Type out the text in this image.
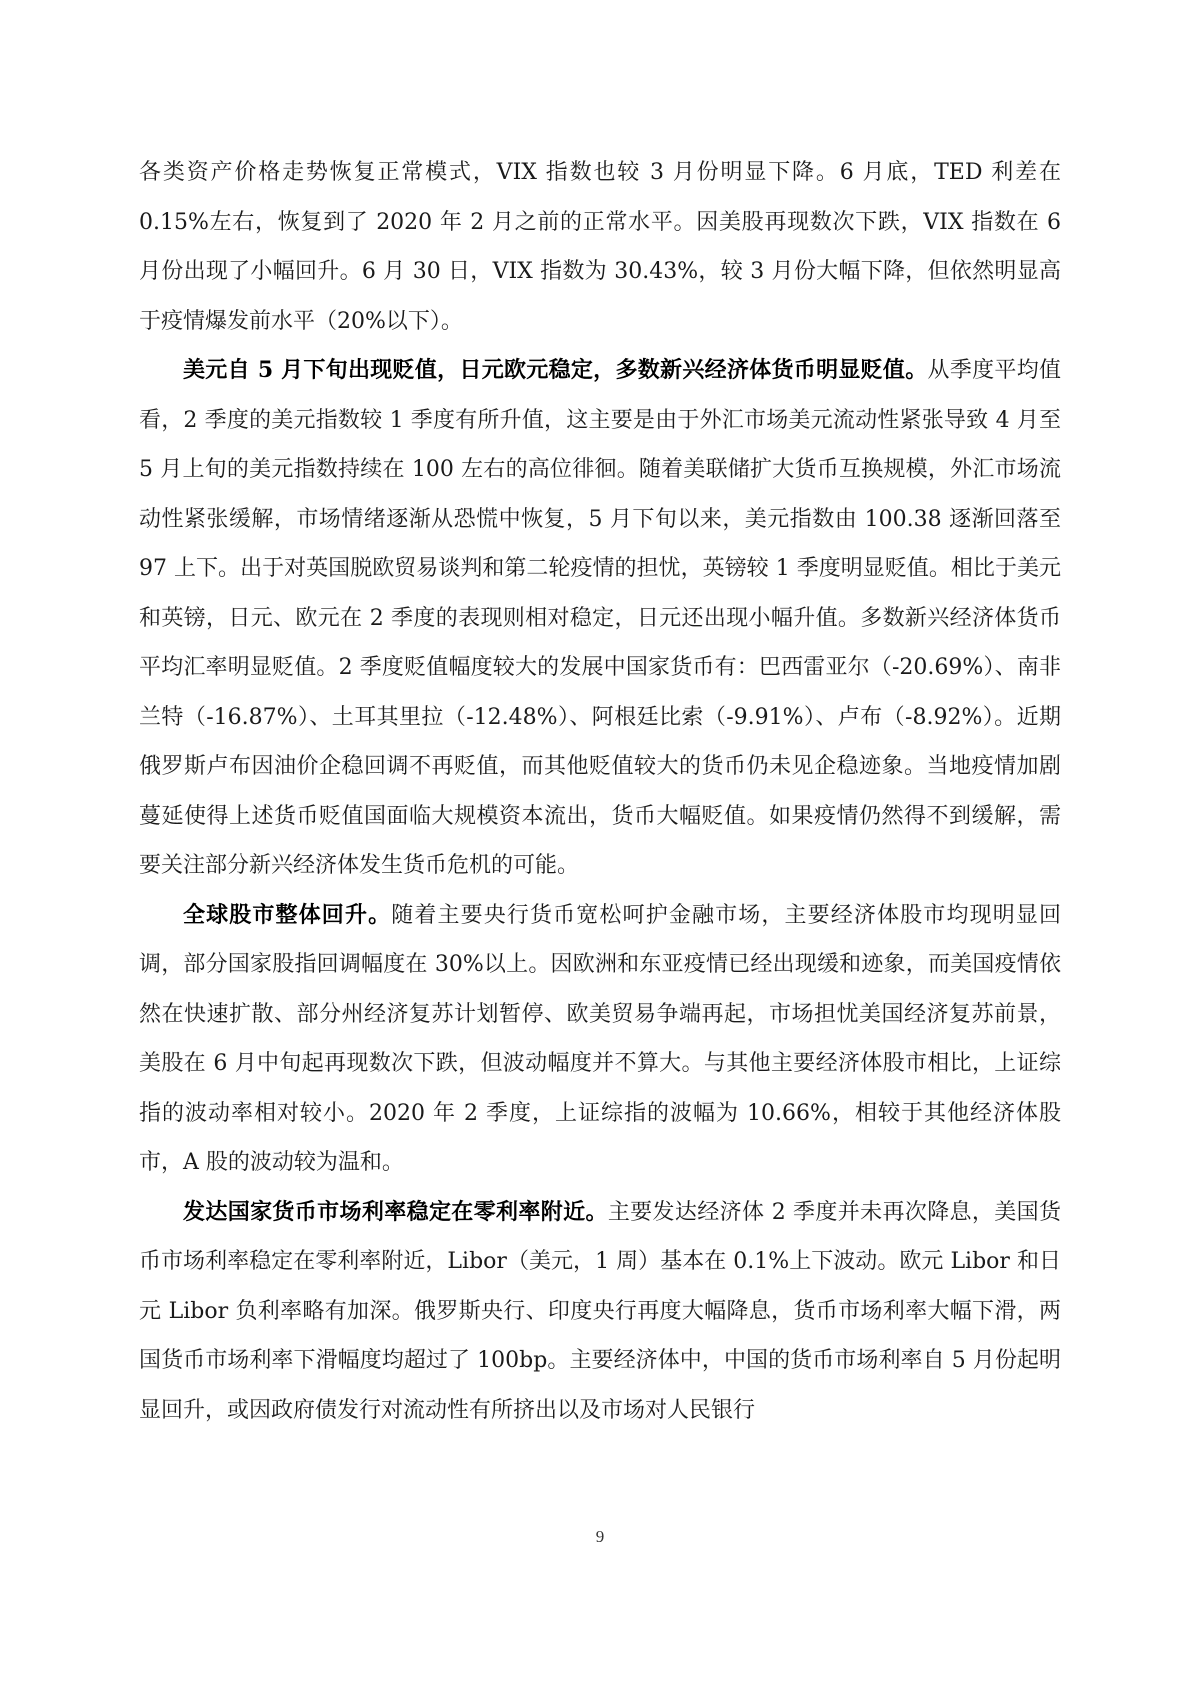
各类资产价格走势恢复正常模式，VIX 指数也较 3 月份明显下降。6 月底，TED 利差在 0.15%左右，恢复到了 2020 年 2 月之前的正常水平。因美股再现数次下跌，VIX 指数在 6 月份出现了小幅回升。6 月 30 日，VIX 指数为 30.43%，较 3 月份大幅下降，但依然明显高于疫情爆发前水平（20%以下）。

美元自 5 月下旬出现贬值，日元欧元稳定，多数新兴经济体货币明显贬值。从季度平均值看，2 季度的美元指数较 1 季度有所升值，这主要是由于外汇市场美元流动性紧张导致 4 月至 5 月上旬的美元指数持续在 100 左右的高位徘徊。随着美联储扩大货币互换规模，外汇市场流动性紧张缓解，市场情绪逐渐从恐慌中恢复，5 月下旬以来，美元指数由 100.38 逐渐回落至 97 上下。出于对英国脱欧贸易谈判和第二轮疫情的担忧，英镑较 1 季度明显贬值。相比于美元和英镑，日元、欧元在 2 季度的表现则相对稳定，日元还出现小幅升值。多数新兴经济体货币平均汇率明显贬值。2 季度贬值幅度较大的发展中国家货币有：巴西雷亚尔（-20.69%）、南非兰特（-16.87%）、土耳其里拉（-12.48%）、阿根廷比索（-9.91%）、卢布（-8.92%）。近期俄罗斯卢布因油价企稳回调不再贬值，而其他贬值较大的货币仍未见企稳迹象。当地疫情加剧蔓延使得上述货币贬值国面临大规模资本流出，货币大幅贬值。如果疫情仍然得不到缓解，需要关注部分新兴经济体发生货币危机的可能。

全球股市整体回升。随着主要央行货币宽松呵护金融市场，主要经济体股市均现明显回调，部分国家股指回调幅度在 30%以上。因欧洲和东亚疫情已经出现缓和迹象，而美国疫情依然在快速扩散、部分州经济复苏计划暂停、欧美贸易争端再起，市场担忧美国经济复苏前景，美股在 6 月中旬起再现数次下跌，但波动幅度并不算大。与其他主要经济体股市相比，上证综指的波动率相对较小。2020 年 2 季度，上证综指的波幅为 10.66%，相较于其他经济体股市，A 股的波动较为温和。

发达国家货币市场利率稳定在零利率附近。主要发达经济体 2 季度并未再次降息，美国货币市场利率稳定在零利率附近，Libor（美元，1 周）基本在 0.1%上下波动。欧元 Libor 和日元 Libor 负利率略有加深。俄罗斯央行、印度央行再度大幅降息，货币市场利率大幅下滑，两国货币市场利率下滑幅度均超过了 100bp。主要经济体中，中国的货币市场利率自 5 月份起明显回升，或因政府债发行对流动性有所挤出以及市场对人民银行

9
